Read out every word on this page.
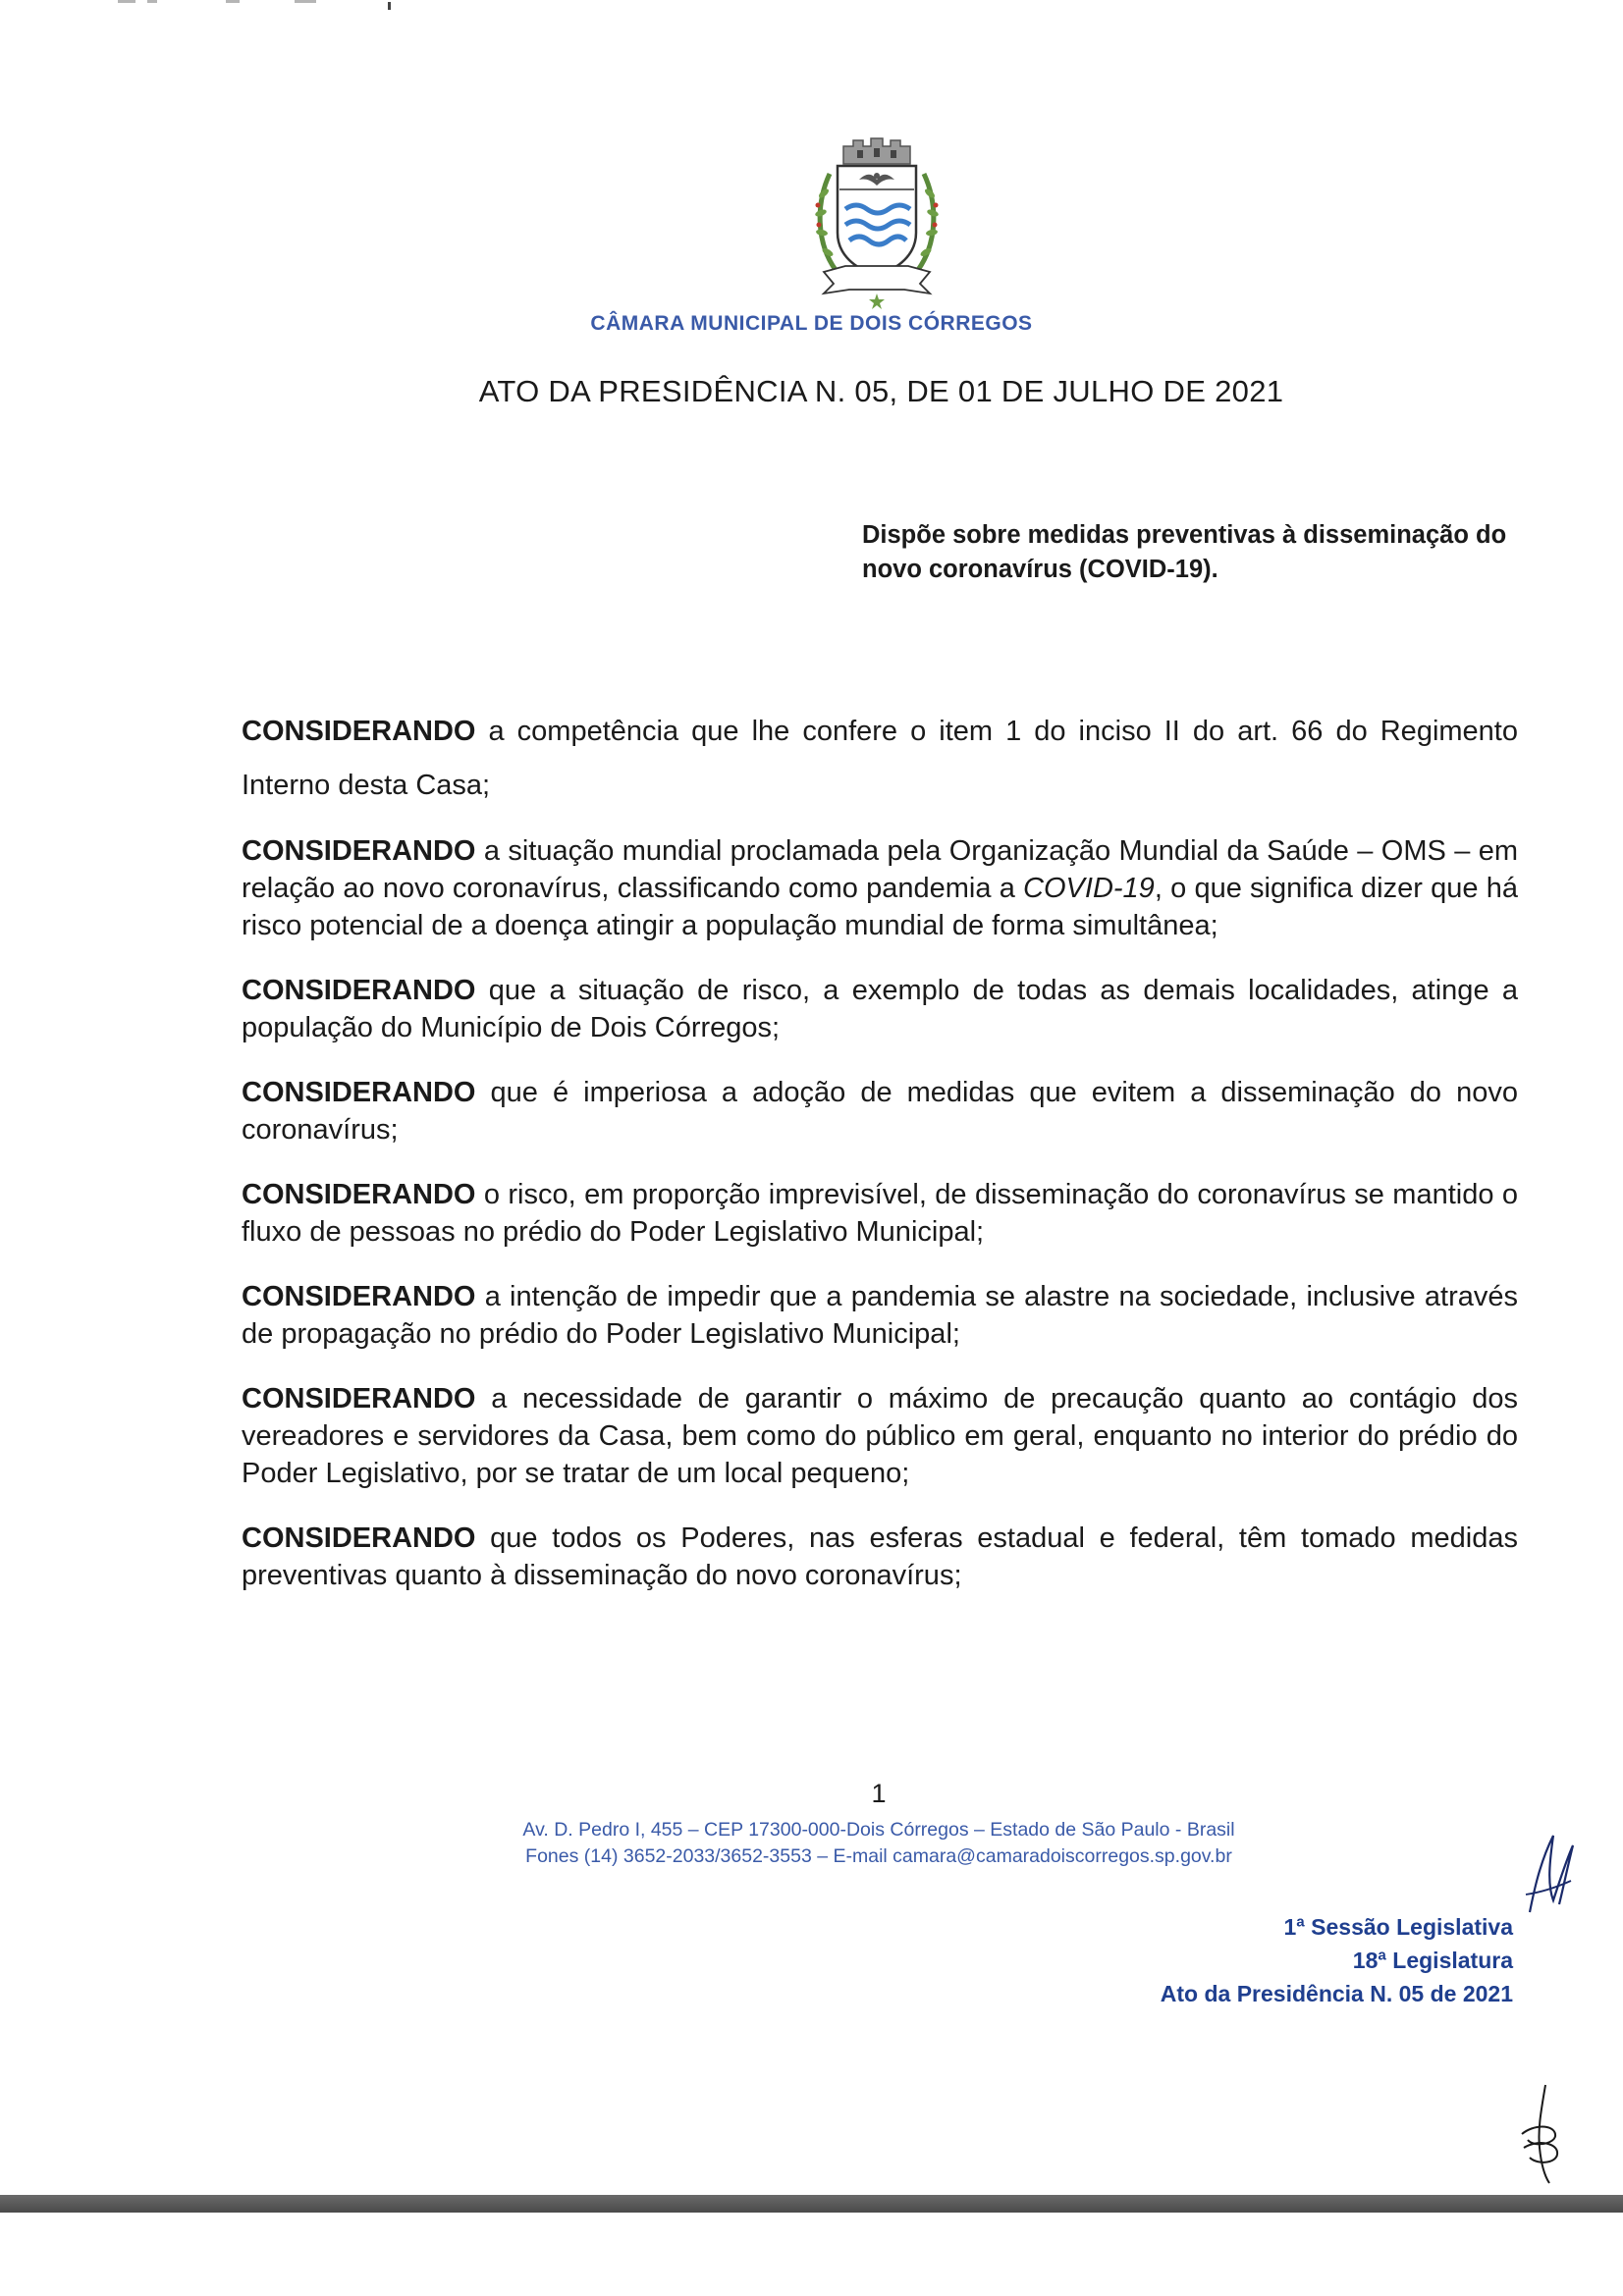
CÂMARA MUNICIPAL DE DOIS CÓRREGOS
ATO DA PRESIDÊNCIA N. 05, DE 01 DE JULHO DE 2021
Dispõe sobre medidas preventivas à disseminação do novo coronavírus (COVID-19).

CONSIDERANDO a competência que lhe confere o item 1 do inciso II do art. 66 do Regimento Interno desta Casa;

CONSIDERANDO a situação mundial proclamada pela Organização Mundial da Saúde – OMS – em relação ao novo coronavírus, classificando como pandemia a COVID-19, o que significa dizer que há risco potencial de a doença atingir a população mundial de forma simultânea;

CONSIDERANDO que a situação de risco, a exemplo de todas as demais localidades, atinge a população do Município de Dois Córregos;

CONSIDERANDO que é imperiosa a adoção de medidas que evitem a disseminação do novo coronavírus;

CONSIDERANDO o risco, em proporção imprevisível, de disseminação do coronavírus se mantido o fluxo de pessoas no prédio do Poder Legislativo Municipal;

CONSIDERANDO a intenção de impedir que a pandemia se alastre na sociedade, inclusive através de propagação no prédio do Poder Legislativo Municipal;

CONSIDERANDO a necessidade de garantir o máximo de precaução quanto ao contágio dos vereadores e servidores da Casa, bem como do público em geral, enquanto no interior do prédio do Poder Legislativo, por se tratar de um local pequeno;

CONSIDERANDO que todos os Poderes, nas esferas estadual e federal, têm tomado medidas preventivas quanto à disseminação do novo coronavírus;

1
Av. D. Pedro I, 455 – CEP 17300-000-Dois Córregos – Estado de São Paulo - Brasil
Fones (14) 3652-2033/3652-3553 – E-mail camara@camaradoiscorregos.sp.gov.br
1ª Sessão Legislativa
18ª Legislatura
Ato da Presidência N. 05 de 2021
